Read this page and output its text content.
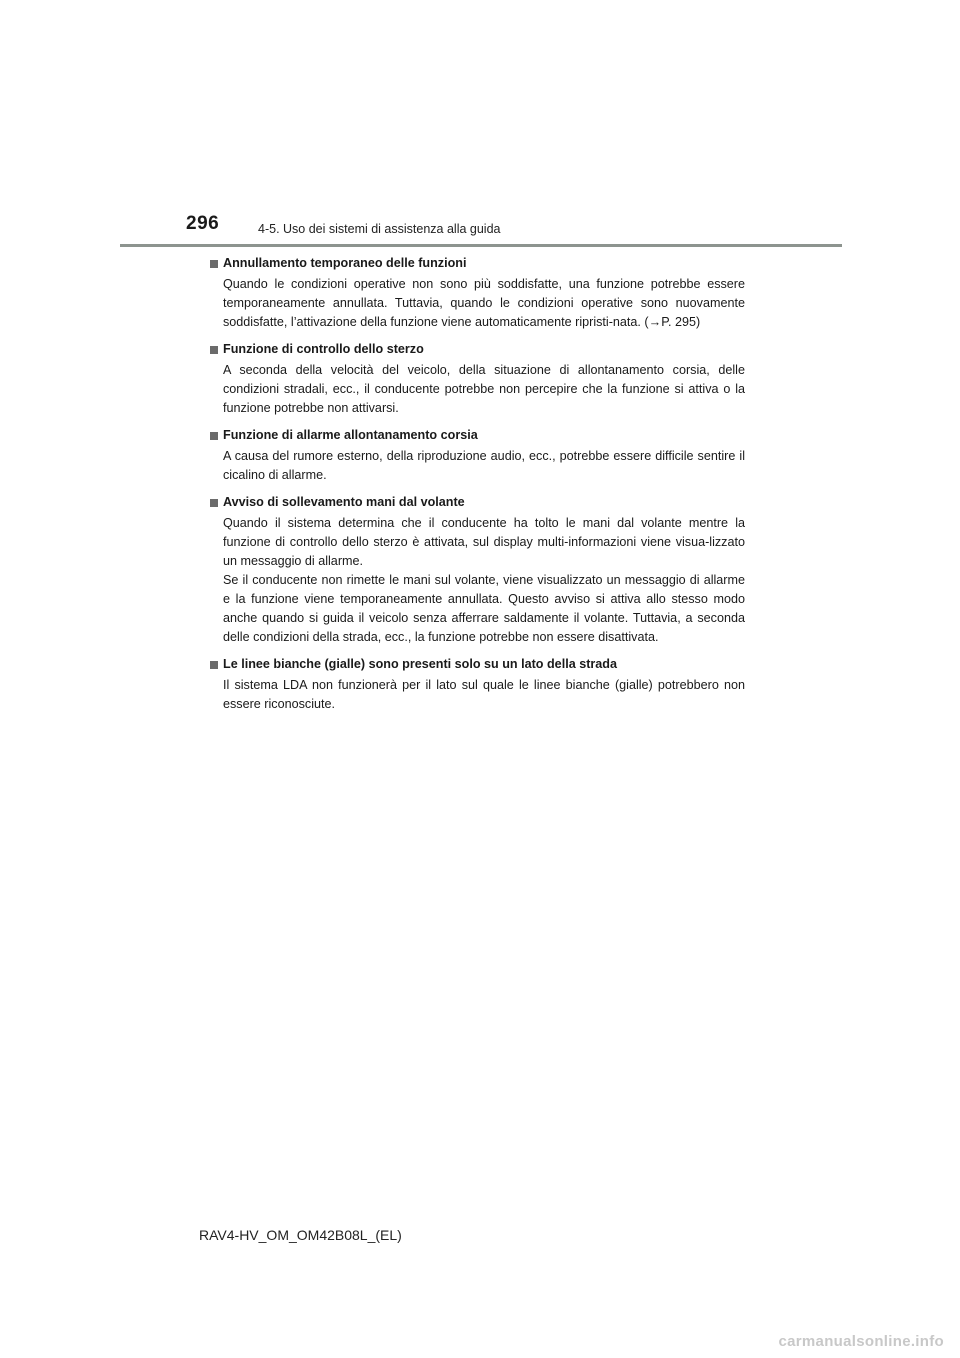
296	4-5. Uso dei sistemi di assistenza alla guida
Annullamento temporaneo delle funzioni

Quando le condizioni operative non sono più soddisfatte, una funzione potrebbe essere temporaneamente annullata. Tuttavia, quando le condizioni operative sono nuovamente soddisfatte, l’attivazione della funzione viene automaticamente ripristi-nata. (→P. 295)

Funzione di controllo dello sterzo

A seconda della velocità del veicolo, della situazione di allontanamento corsia, delle condizioni stradali, ecc., il conducente potrebbe non percepire che la funzione si attiva o la funzione potrebbe non attivarsi.

Funzione di allarme allontanamento corsia

A causa del rumore esterno, della riproduzione audio, ecc., potrebbe essere difficile sentire il cicalino di allarme.

Avviso di sollevamento mani dal volante

Quando il sistema determina che il conducente ha tolto le mani dal volante mentre la funzione di controllo dello sterzo è attivata, sul display multi-informazioni viene visua-lizzato un messaggio di allarme.

Se il conducente non rimette le mani sul volante, viene visualizzato un messaggio di allarme e la funzione viene temporaneamente annullata. Questo avviso si attiva allo stesso modo anche quando si guida il veicolo senza afferrare saldamente il volante. Tuttavia, a seconda delle condizioni della strada, ecc., la funzione potrebbe non essere disattivata.

Le linee bianche (gialle) sono presenti solo su un lato della strada

Il sistema LDA non funzionerà per il lato sul quale le linee bianche (gialle) potrebbero non essere riconosciute.

RAV4-HV_OM_OM42B08L_(EL)
carmanualsonline.info
